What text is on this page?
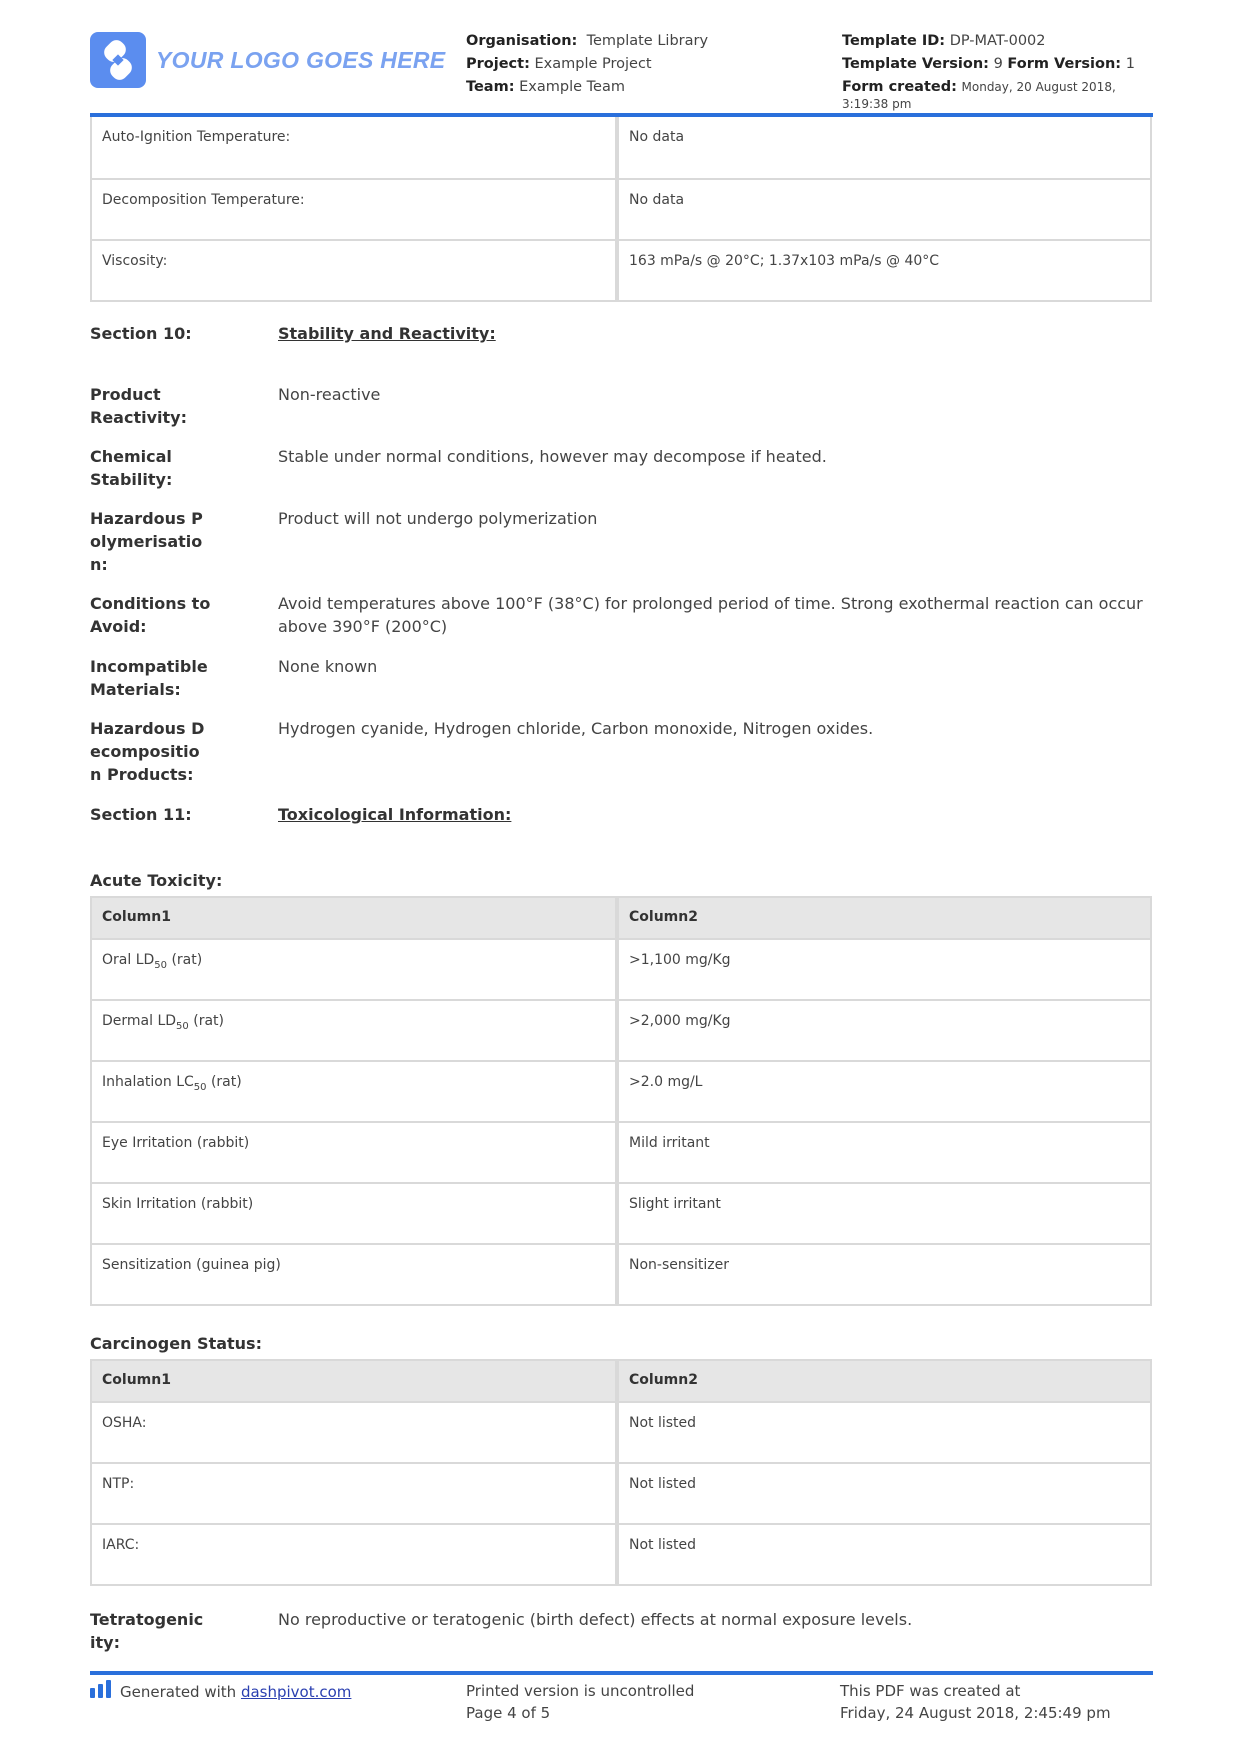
YOUR LOGO GOES HERE
Organisation: Template Library
Project: Example Project
Team: Example Team
Template ID: DP-MAT-0002
Template Version: 9 Form Version: 1
Form created: Monday, 20 August 2018, 3:19:38 pm
Auto-Ignition Temperature:	No data
Decomposition Temperature:	No data
Viscosity:	163 mPa/s @ 20°C; 1.37x103 mPa/s @ 40°C
Section 10:	Stability and Reactivity:
Product Reactivity:
Non-reactive
Chemical Stability:
Stable under normal conditions, however may decompose if heated.
Hazardous Polymerisation:
Product will not undergo polymerization
Conditions to Avoid:
Avoid temperatures above 100°F (38°C) for prolonged period of time. Strong exothermal reaction can occur above 390°F (200°C)
Incompatible Materials:
None known
Hazardous Decomposition Products:
Hydrogen cyanide, Hydrogen chloride, Carbon monoxide, Nitrogen oxides.
Section 11:	Toxicological Information:
Acute Toxicity:
Column1	Column2
Oral $LD_{50}$ (rat)	>1,100 mg/Kg
Dermal $LD_{50}$ (rat)	>2,000 mg/Kg
Inhalation $LC_{50}$ (rat)	>2.0 mg/L
Eye Irritation (rabbit)	Mild irritant
Skin Irritation (rabbit)	Slight irritant
Sensitization (guinea pig)	Non-sensitizer
Carcinogen Status:
Column1	Column2
OSHA:	Not listed
NTP:	Not listed
IARC:	Not listed
Tetratogenicity:
No reproductive or teratogenic (birth defect) effects at normal exposure levels.
Generated with
dashpivot.com	Printed version is uncontrolled
Page 4 of 5
This PDF was created at
Friday, 24 August 2018, 2:45:49 pm
